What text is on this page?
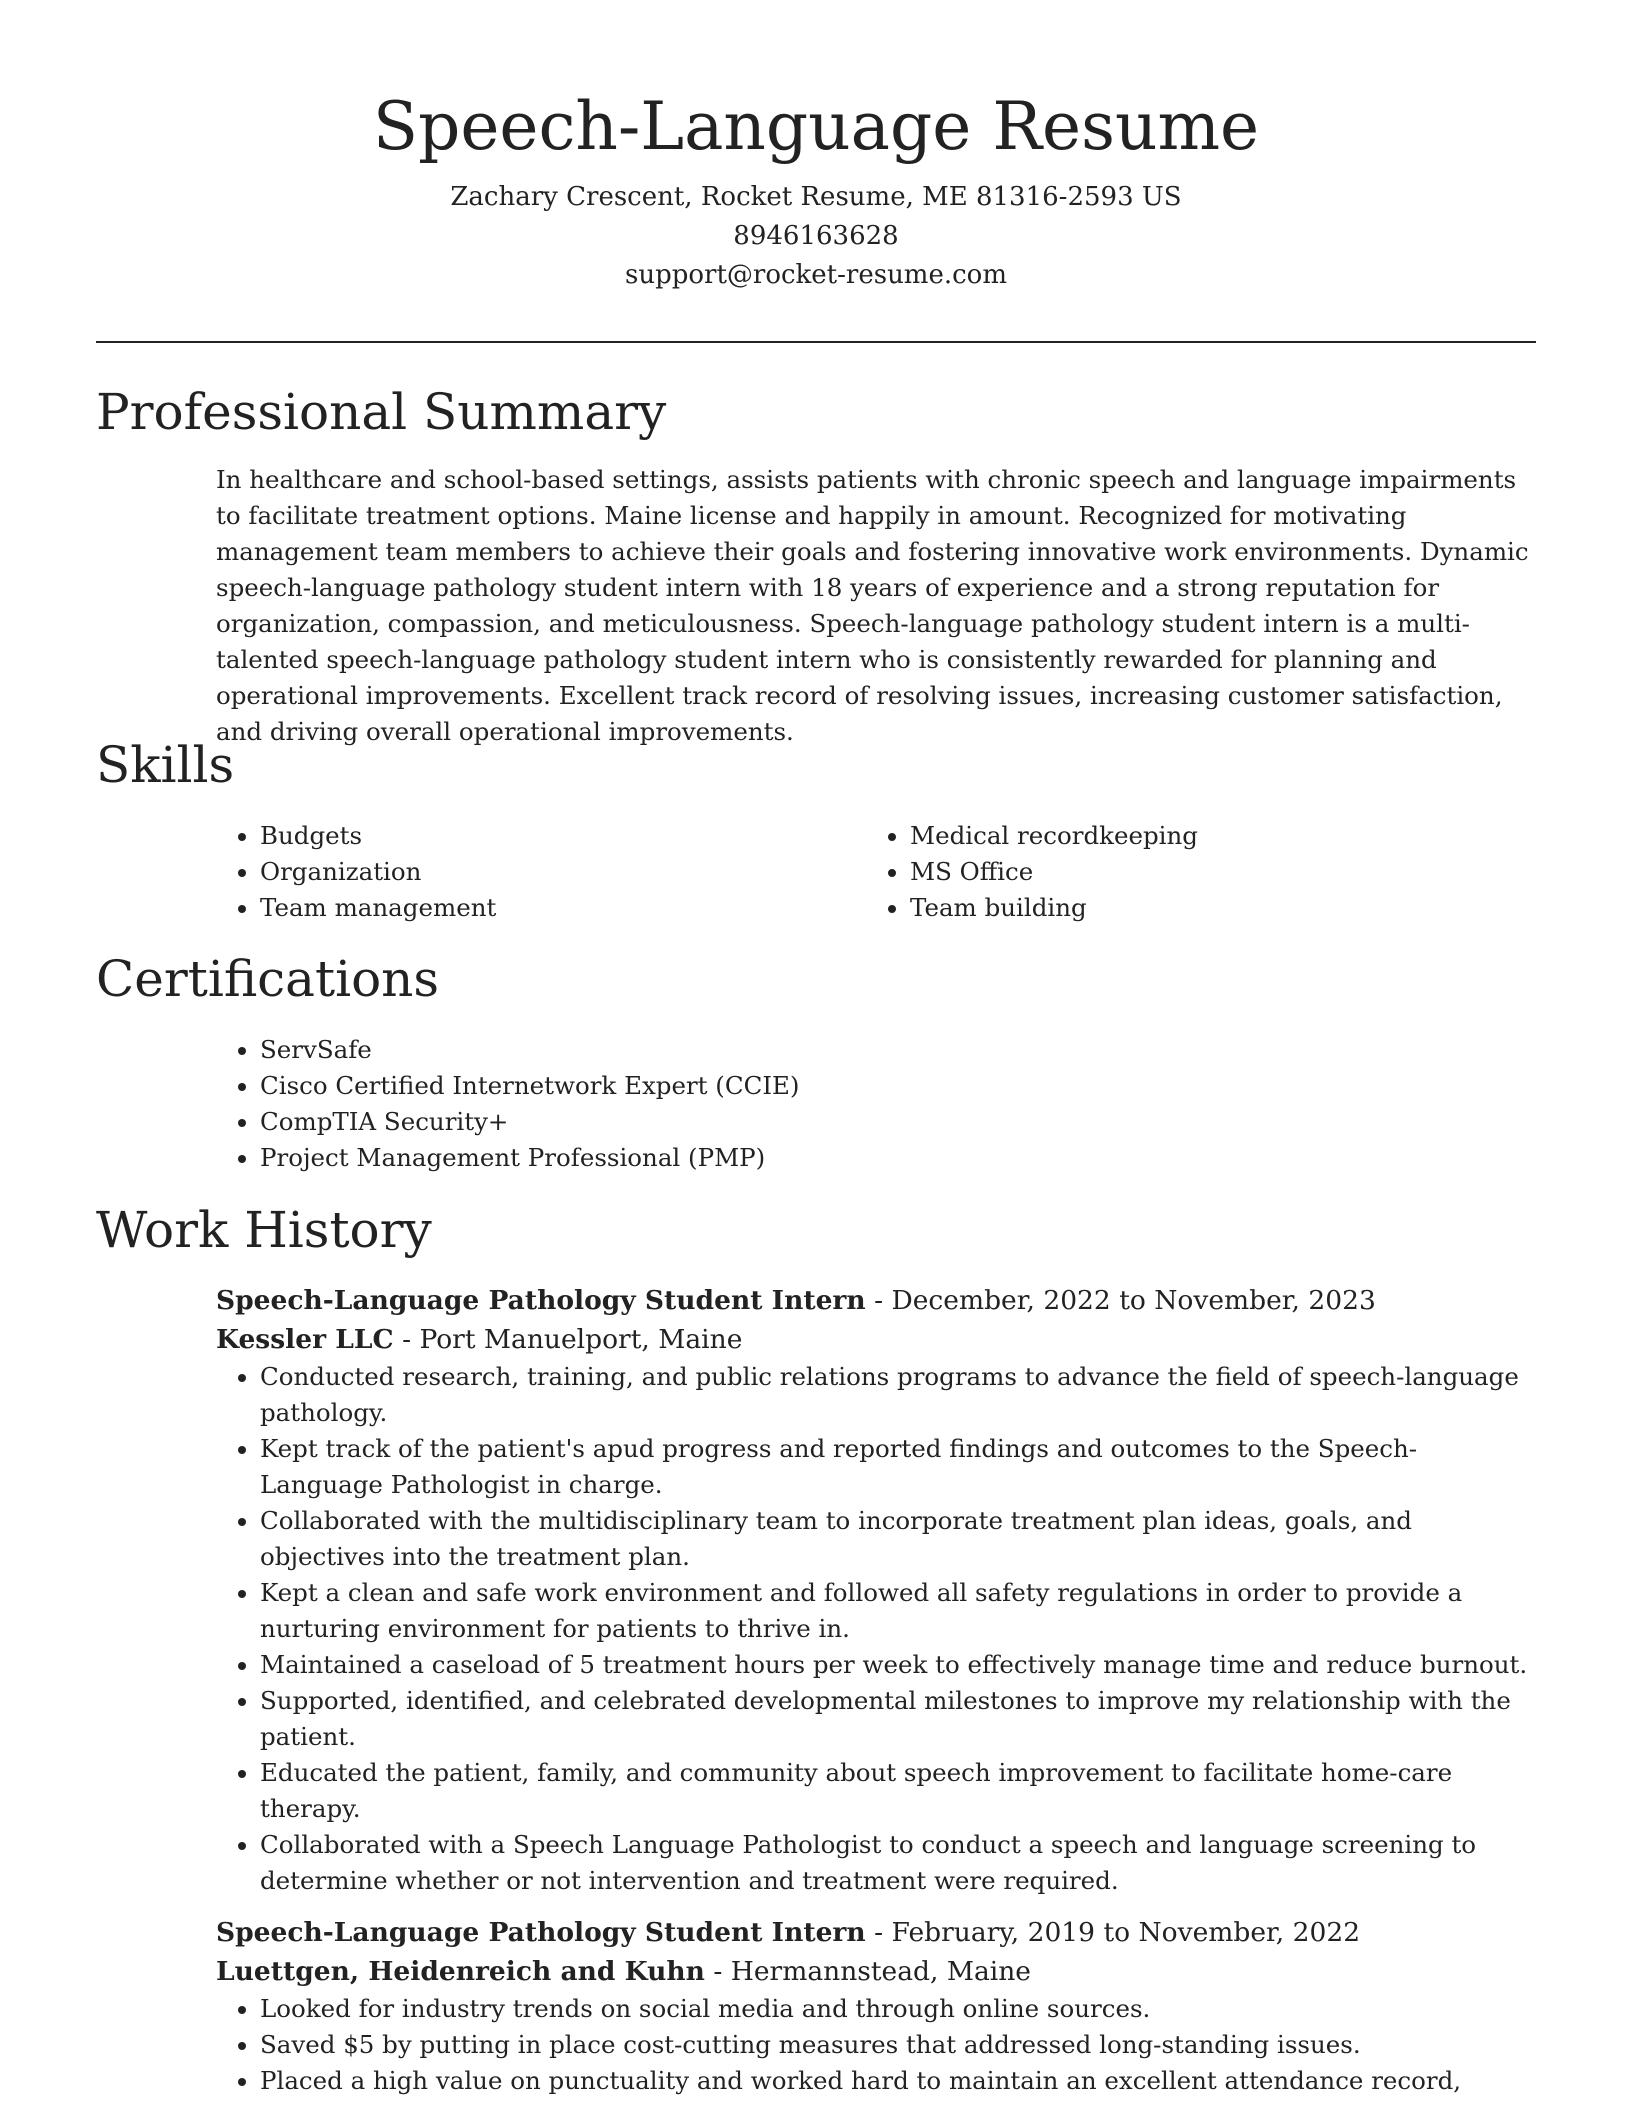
Speech-Language Resume
Zachary Crescent, Rocket Resume, ME 81316-2593 US
8946163628
support@rocket-resume.com
Professional Summary

In healthcare and school-based settings, assists patients with chronic speech and language impairments to facilitate treatment options. Maine license and happily in amount. Recognized for motivating management team members to achieve their goals and fostering innovative work environments. Dynamic speech-language pathology student intern with 18 years of experience and a strong reputation for organization, compassion, and meticulousness. Speech-language pathology student intern is a multi-talented speech-language pathology student intern who is consistently rewarded for planning and operational improvements. Excellent track record of resolving issues, increasing customer satisfaction, and driving overall operational improvements.

Skills
• Budgets
• Organization
• Team management
• Medical recordkeeping
• MS Office
• Team building
Certifications
• ServSafe
• Cisco Certified Internetwork Expert (CCIE)
• CompTIA Security+
• Project Management Professional (PMP)
Work History
Speech-Language Pathology Student Intern - December, 2022 to November, 2023
Kessler LLC - Port Manuelport, Maine
• Conducted research, training, and public relations programs to advance the field of speech-language pathology.
• Kept track of the patient's apud progress and reported findings and outcomes to the Speech-Language Pathologist in charge.
• Collaborated with the multidisciplinary team to incorporate treatment plan ideas, goals, and objectives into the treatment plan.
• Kept a clean and safe work environment and followed all safety regulations in order to provide a nurturing environment for patients to thrive in.
• Maintained a caseload of 5 treatment hours per week to effectively manage time and reduce burnout.
• Supported, identified, and celebrated developmental milestones to improve my relationship with the patient.
• Educated the patient, family, and community about speech improvement to facilitate home-care therapy.
• Collaborated with a Speech Language Pathologist to conduct a speech and language screening to determine whether or not intervention and treatment were required.
Speech-Language Pathology Student Intern - February, 2019 to November, 2022
Luettgen, Heidenreich and Kuhn - Hermannstead, Maine
• Looked for industry trends on social media and through online sources.
• Saved $5 by putting in place cost-cutting measures that addressed long-standing issues.
• Placed a high value on punctuality and worked hard to maintain an excellent attendance record,
